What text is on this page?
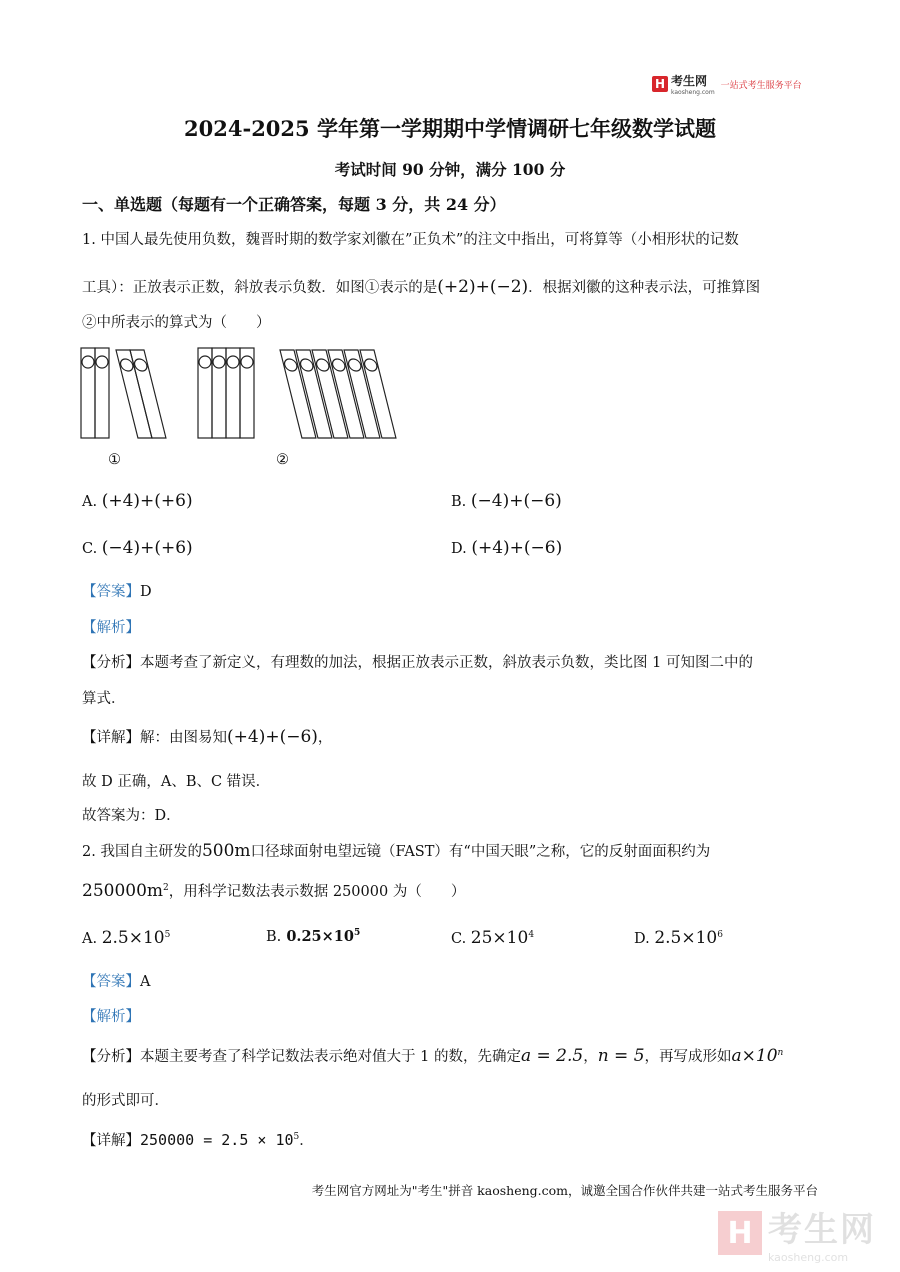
H 考生网
kaosheng.com
一站式考生服务平台
2024-2025 学年第一学期期中学情调研七年级数学试题
考试时间 90 分钟，满分 100 分
一、单选题（每题有一个正确答案，每题 3 分，共 24 分）
1. 中国人最先使用负数，魏晋时期的数学家刘徽在”正负术”的注文中指出，可将算等（小相形状的记数
工具）：正放表示正数，斜放表示负数．如图①表示的是(+2)+(−2)．根据刘徽的这种表示法，可推算图
②中所表示的算式为（　　）
①	②
A. (+4)+(+6)	B. (−4)+(−6)
C. (−4)+(+6)	D. (+4)+(−6)
【答案】D
【解析】
【分析】本题考查了新定义，有理数的加法，根据正放表示正数，斜放表示负数，类比图 1 可知图二中的
算式．
【详解】解：由图易知(+4)+(−6)，
故 D 正确，A、B、C 错误．
故答案为：D．
2. 我国自主研发的500m口径球面射电望远镜（FAST）有“中国天眼”之称，它的反射面面积约为
$250000m^2$，用科学记数法表示数据 250000 为（　　）
A. $2.5\times 10^5$	B. $0.25\times 10^5$	C. $25\times 10^4$	D. $2.5\times 10^6$
【答案】A
【解析】
【分析】本题主要考查了科学记数法表示绝对值大于 1 的数，先确定a = 2.5，n = 5，再写成形如$a\times 10^n$
的形式即可．
【详解】$250000 = 2.5 \times 10^5$．
考生网官方网址为"考生"拼音 kaosheng.com，诚邀全国合作伙伴共建一站式考生服务平台
H 考生网
kaosheng.com
